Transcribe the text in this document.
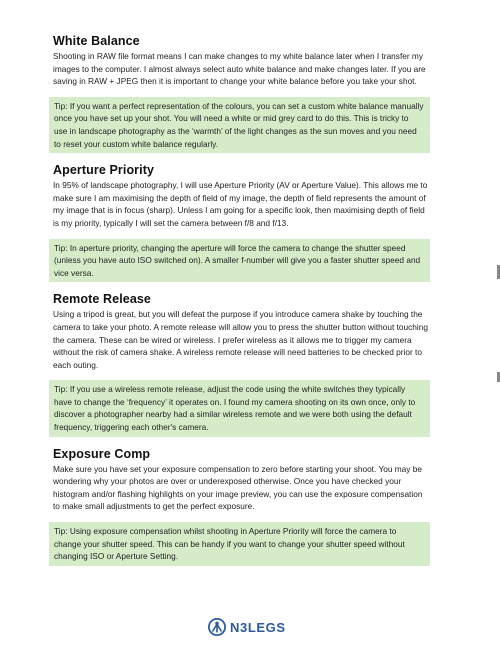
White Balance

Shooting in RAW file format means I can make changes to my white balance later when I transfer my images to the computer. I almost always select auto white balance and make changes later. If you are saving in RAW + JPEG then it is important to change your white balance before you take your shot.

Tip: If you want a perfect representation of the colours, you can set a custom white balance manually once you have set up your shot. You will need a white or mid grey card to do this. This is tricky to use in landscape photography as the ‘warmth’ of the light changes as the sun moves and you need to reset your custom white balance regularly.
Aperture Priority

In 95% of landscape photography, I will use Aperture Priority (AV or Aperture Value). This allows me to make sure I am maximising the depth of field of my image, the depth of field represents the amount of my image that is in focus (sharp). Unless I am going for a specific look, then maximising depth of field is my priority, typically I will set the camera between f/8 and f/13.

Tip: In aperture priority, changing the aperture will force the camera to change the shutter speed (unless you have auto ISO switched on). A smaller f-number will give you a faster shutter speed and vice versa.
Remote Release

Using a tripod is great, but you will defeat the purpose if you introduce camera shake by touching the camera to take your photo. A remote release will allow you to press the shutter button without touching the camera. These can be wired or wireless. I prefer wireless as it allows me to trigger my camera without the risk of camera shake. A wireless remote release will need batteries to be checked prior to each outing.

Tip: If you use a wireless remote release, adjust the code using the white switches they typically have to change the ‘frequency’ it operates on. I found my camera shooting on its own once, only to discover a photographer nearby had a similar wireless remote and we were both using the default frequency, triggering each other's camera.
Exposure Comp

Make sure you have set your exposure compensation to zero before starting your shoot. You may be wondering why your photos are over or underexposed otherwise. Once you have checked your histogram and/or flashing highlights on your image preview, you can use the exposure compensation to make small adjustments to get the perfect exposure.

Tip: Using exposure compensation whilst shooting in Aperture Priority will force the camera to change your shutter speed. This can be handy if you want to change your shutter speed without changing ISO or Aperture Setting.
N3LEGS
